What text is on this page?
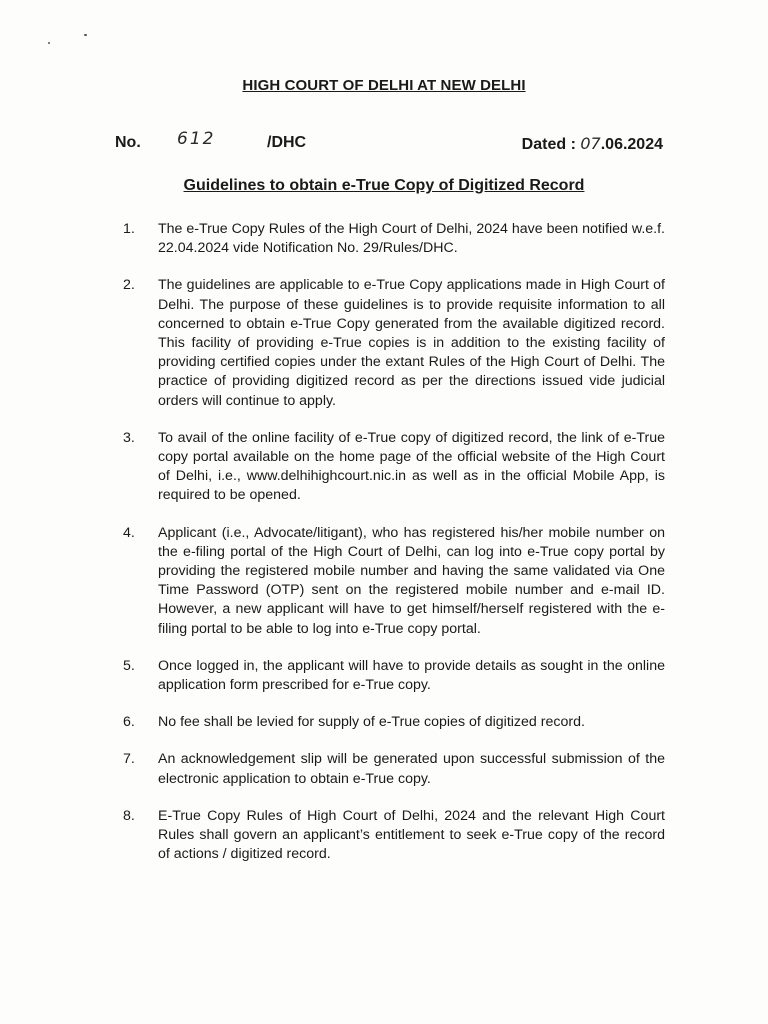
HIGH COURT OF DELHI AT NEW DELHI
No. 612	/DHC	Dated : 07.06.2024
Guidelines to obtain e-True Copy of Digitized Record
1.	The e-True Copy Rules of the High Court of Delhi, 2024 have been notified w.e.f. 22.04.2024 vide Notification No. 29/Rules/DHC.
2.	The guidelines are applicable to e-True Copy applications made in High Court of Delhi. The purpose of these guidelines is to provide requisite information to all concerned to obtain e-True Copy generated from the available digitized record. This facility of providing e-True copies is in addition to the existing facility of providing certified copies under the extant Rules of the High Court of Delhi. The practice of providing digitized record as per the directions issued vide judicial orders will continue to apply.
3.	To avail of the online facility of e-True copy of digitized record, the link of e-True copy portal available on the home page of the official website of the High Court of Delhi, i.e., www.delhihighcourt.nic.in as well as in the official Mobile App, is required to be opened.
4.	Applicant (i.e., Advocate/litigant), who has registered his/her mobile number on the e-filing portal of the High Court of Delhi, can log into e-True copy portal by providing the registered mobile number and having the same validated via One Time Password (OTP) sent on the registered mobile number and e-mail ID. However, a new applicant will have to get himself/herself registered with the e-filing portal to be able to log into e-True copy portal.
5.	Once logged in, the applicant will have to provide details as sought in the online application form prescribed for e-True copy.
6.	No fee shall be levied for supply of e-True copies of digitized record.
7.	An acknowledgement slip will be generated upon successful submission of the electronic application to obtain e-True copy.
8.	E-True Copy Rules of High Court of Delhi, 2024 and the relevant High Court Rules shall govern an applicant’s entitlement to seek e-True copy of the record of actions / digitized record.
